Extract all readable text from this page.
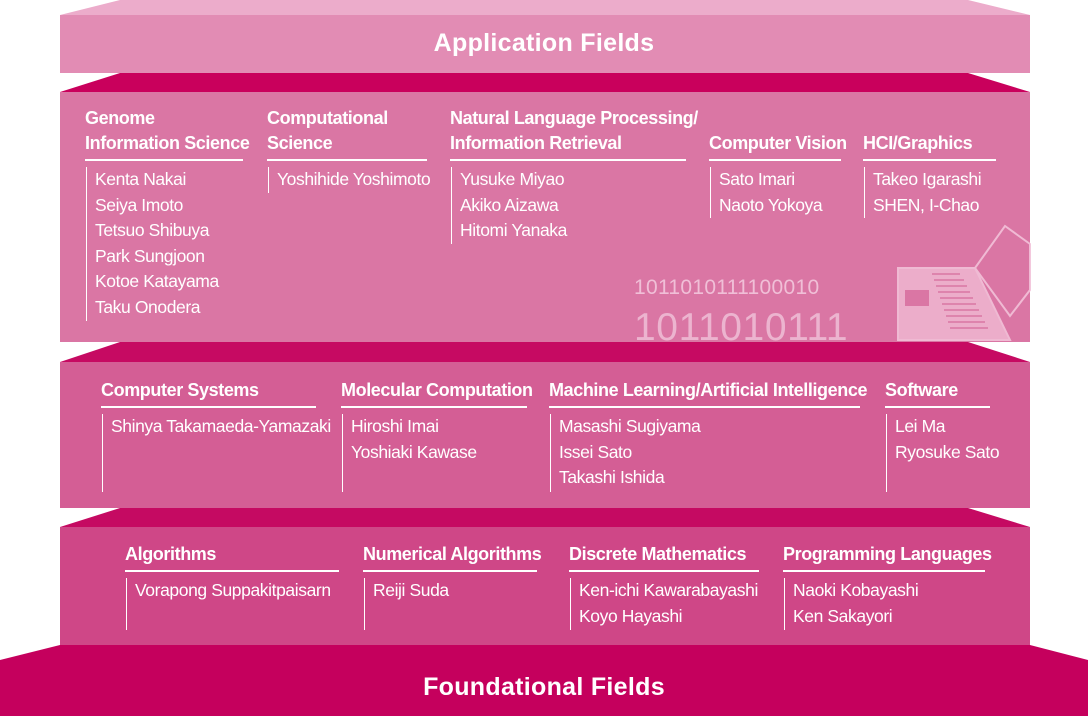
1011010111100010
1011010111
Application Fields
Foundational Fields
Genome
Information Science
Kenta Nakai
Seiya Imoto
Tetsuo Shibuya
Park Sungjoon
Kotoe Katayama
Taku Onodera
Computational
Science
Yoshihide Yoshimoto
Natural Language Processing/
Information Retrieval
Yusuke Miyao
Akiko Aizawa
Hitomi Yanaka
Computer Vision
Sato Imari
Naoto Yokoya
HCI/Graphics
Takeo Igarashi
SHEN, I-Chao
Computer Systems
Shinya Takamaeda-Yamazaki
Molecular Computation
Hiroshi Imai
Yoshiaki Kawase
Machine Learning/Artificial Intelligence
Masashi Sugiyama
Issei Sato
Takashi Ishida
Software
Lei Ma
Ryosuke Sato
Algorithms
Vorapong Suppakitpaisarn
Numerical Algorithms
Reiji Suda
Discrete Mathematics
Ken-ichi Kawarabayashi
Koyo Hayashi
Programming Languages
Naoki Kobayashi
Ken Sakayori
